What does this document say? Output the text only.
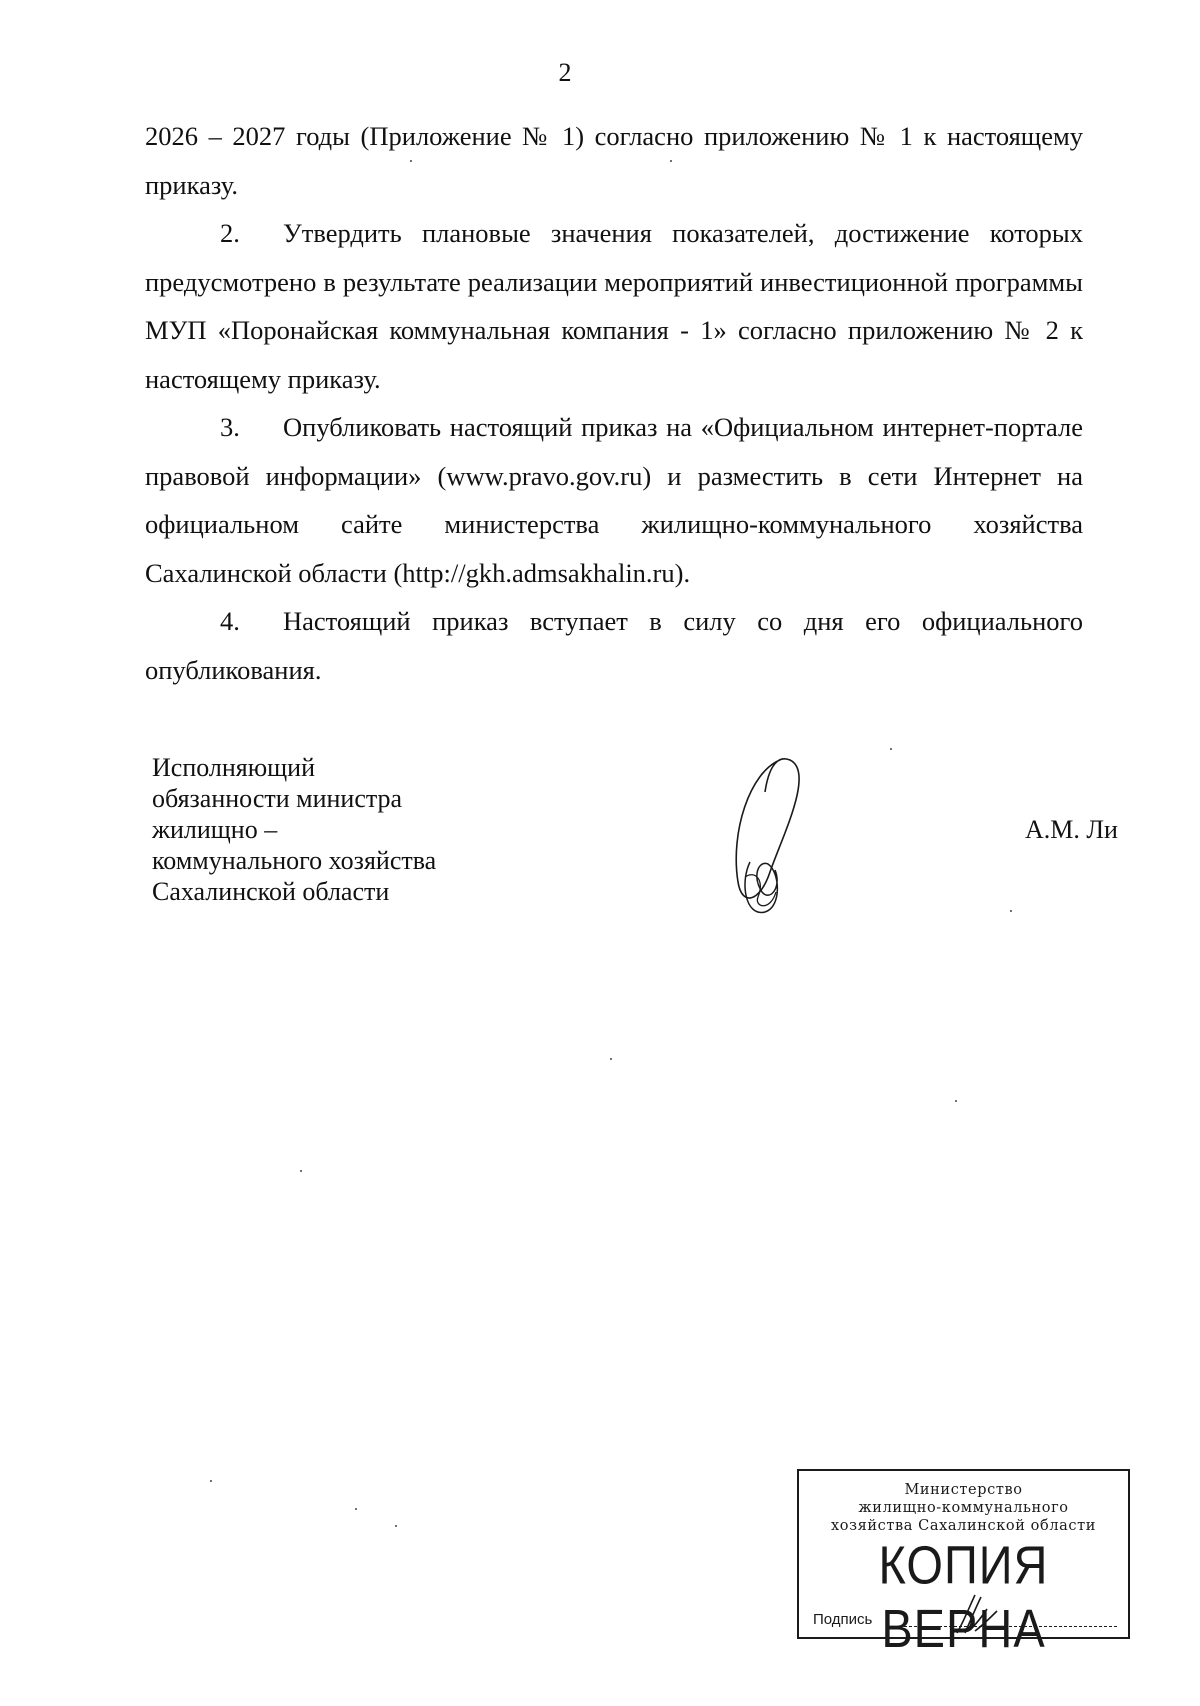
2

2026 – 2027 годы (Приложение № 1) согласно приложению № 1 к настоящему приказу.

2. Утвердить плановые значения показателей, достижение которых предусмотрено в результате реализации мероприятий инвестиционной программы МУП «Поронайская коммунальная компания - 1» согласно приложению № 2 к настоящему приказу.

3. Опубликовать настоящий приказ на «Официальном интернет-портале правовой информации» (www.pravo.gov.ru) и разместить в сети Интернет на официальном сайте министерства жилищно-коммунального хозяйства Сахалинской области (http://gkh.admsakhalin.ru).

4. Настоящий приказ вступает в силу со дня его официального опубликования.

Исполняющий
обязанности министра
жилищно –
коммунального хозяйства
Сахалинской области
А.М. Ли
Министерство
жилищно-коммунального
хозяйства Сахалинской области
КОПИЯ ВЕРНА
Подпись
